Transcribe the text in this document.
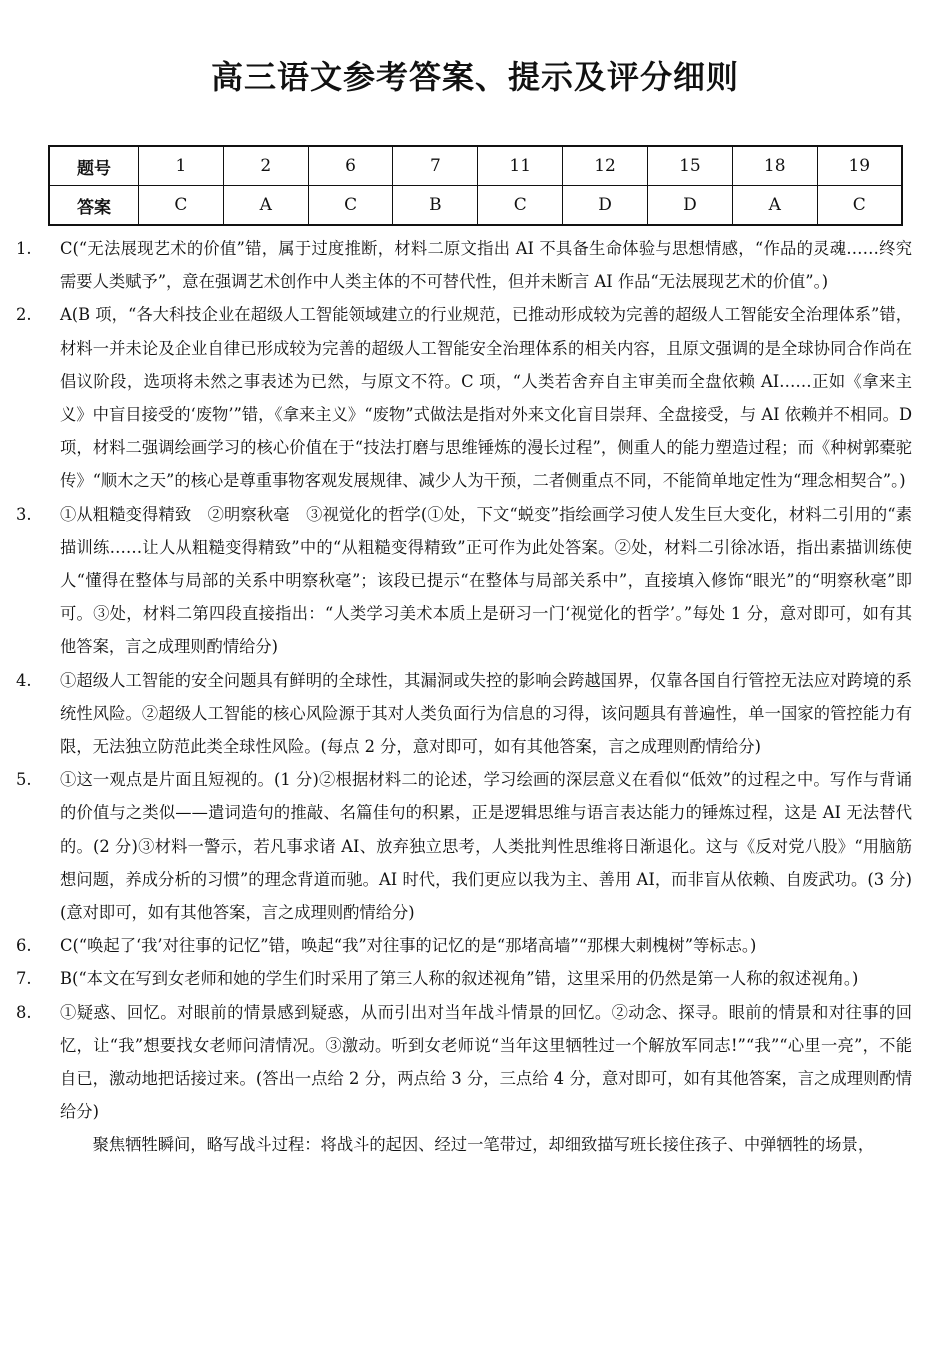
高三语文参考答案、提示及评分细则
题号	1	2	6	7	11	12	15	18	19
答案	C	A	C	B	C	D	D	A	C
1.	C(“无法展现艺术的价值”错，属于过度推断，材料二原文指出 AI 不具备生命体验与思想情感，“作品的灵魂……终究需要人类赋予”，意在强调艺术创作中人类主体的不可替代性，但并未断言 AI 作品“无法展现艺术的价值”。)
2.	A(B 项，“各大科技企业在超级人工智能领域建立的行业规范，已推动形成较为完善的超级人工智能安全治理体系”错，材料一并未论及企业自律已形成较为完善的超级人工智能安全治理体系的相关内容，且原文强调的是全球协同合作尚在倡议阶段，选项将未然之事表述为已然，与原文不符。C 项，“人类若舍弃自主审美而全盘依赖 AI……正如《拿来主义》中盲目接受的‘废物’”错，《拿来主义》“废物”式做法是指对外来文化盲目崇拜、全盘接受，与 AI 依赖并不相同。D 项，材料二强调绘画学习的核心价值在于“技法打磨与思维锤炼的漫长过程”，侧重人的能力塑造过程；而《种树郭橐驼传》“顺木之天”的核心是尊重事物客观发展规律、减少人为干预，二者侧重点不同，不能简单地定性为“理念相契合”。)
3.	①从粗糙变得精致　②明察秋毫　③视觉化的哲学(①处，下文“蜕变”指绘画学习使人发生巨大变化，材料二引用的“素描训练……让人从粗糙变得精致”中的“从粗糙变得精致”正可作为此处答案。②处，材料二引徐冰语，指出素描训练使人“懂得在整体与局部的关系中明察秋毫”；该段已提示“在整体与局部关系中”，直接填入修饰“眼光”的“明察秋毫”即可。③处，材料二第四段直接指出：“人类学习美术本质上是研习一门‘视觉化的哲学’。”每处 1 分，意对即可，如有其他答案，言之成理则酌情给分)
4.	①超级人工智能的安全问题具有鲜明的全球性，其漏洞或失控的影响会跨越国界，仅靠各国自行管控无法应对跨境的系统性风险。②超级人工智能的核心风险源于其对人类负面行为信息的习得，该问题具有普遍性，单一国家的管控能力有限，无法独立防范此类全球性风险。(每点 2 分，意对即可，如有其他答案，言之成理则酌情给分)
5.	①这一观点是片面且短视的。(1 分)②根据材料二的论述，学习绘画的深层意义在看似“低效”的过程之中。写作与背诵的价值与之类似——遣词造句的推敲、名篇佳句的积累，正是逻辑思维与语言表达能力的锤炼过程，这是 AI 无法替代的。(2 分)③材料一警示，若凡事求诸 AI、放弃独立思考，人类批判性思维将日渐退化。这与《反对党八股》“用脑筋想问题，养成分析的习惯”的理念背道而驰。AI 时代，我们更应以我为主、善用 AI，而非盲从依赖、自废武功。(3 分)(意对即可，如有其他答案，言之成理则酌情给分)
6.	C(“唤起了‘我’对往事的记忆”错，唤起“我”对往事的记忆的是“那堵高墙”“那棵大刺槐树”等标志。)
7.	B(“本文在写到女老师和她的学生们时采用了第三人称的叙述视角”错，这里采用的仍然是第一人称的叙述视角。)
8.	①疑惑、回忆。对眼前的情景感到疑惑，从而引出对当年战斗情景的回忆。②动念、探寻。眼前的情景和对往事的回忆，让“我”想要找女老师问清情况。③激动。听到女老师说“当年这里牺牲过一个解放军同志!”“我”“心里一亮”，不能自已，激动地把话接过来。(答出一点给 2 分，两点给 3 分，三点给 4 分，意对即可，如有其他答案，言之成理则酌情给分)
聚焦牺牲瞬间，略写战斗过程：将战斗的起因、经过一笔带过，却细致描写班长接住孩子、中弹牺牲的场景，
